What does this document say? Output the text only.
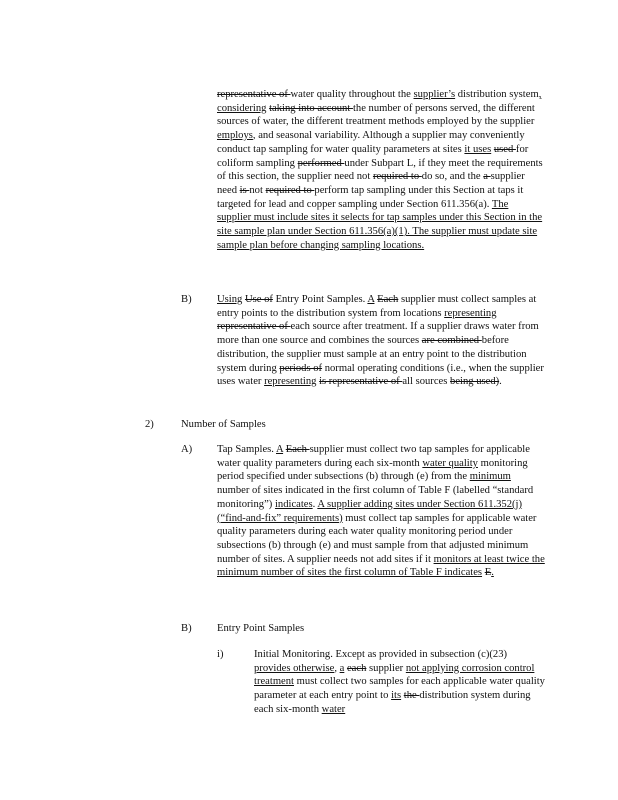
representative of water quality throughout the supplier’s distribution system, considering taking into account the number of persons served, the different sources of water, the different treatment methods employed by the supplier employs, and seasonal variability. Although a supplier may conveniently conduct tap sampling for water quality parameters at sites it uses used for coliform sampling performed under Subpart L, if they meet the requirements of this section, the supplier need not required to do so, and the a supplier need is not required to perform tap sampling under this Section at taps it targeted for lead and copper sampling under Section 611.356(a). The supplier must include sites it selects for tap samples under this Section in the site sample plan under Section 611.356(a)(1). The supplier must update site sample plan before changing sampling locations.
B) Using Use of Entry Point Samples. A Each supplier must collect samples at entry points to the distribution system from locations representing representative of each source after treatment. If a supplier draws water from more than one source and combines the sources are combined before distribution, the supplier must sample at an entry point to the distribution system during periods of normal operating conditions (i.e., when the supplier uses water representing is representative of all sources being used).
2)	Number of Samples
A) Tap Samples. A Each supplier must collect two tap samples for applicable water quality parameters during each six-month water quality monitoring period specified under subsections (b) through (e) from the minimum number of sites indicated in the first column of Table F (labelled “standard monitoring”) indicates. A supplier adding sites under Section 611.352(j) (“find-and-fix” requirements) must collect tap samples for applicable water quality parameters during each water quality monitoring period under subsections (b) through (e) and must sample from that adjusted minimum number of sites. A supplier needs not add sites if it monitors at least twice the minimum number of sites the first column of Table F indicates E.
B) Entry Point Samples
i)	Initial Monitoring. Except as provided in subsection (c)(23) provides otherwise, a each supplier not applying corrosion control treatment must collect two samples for each applicable water quality parameter at each entry point to its the distribution system during each six-month water
